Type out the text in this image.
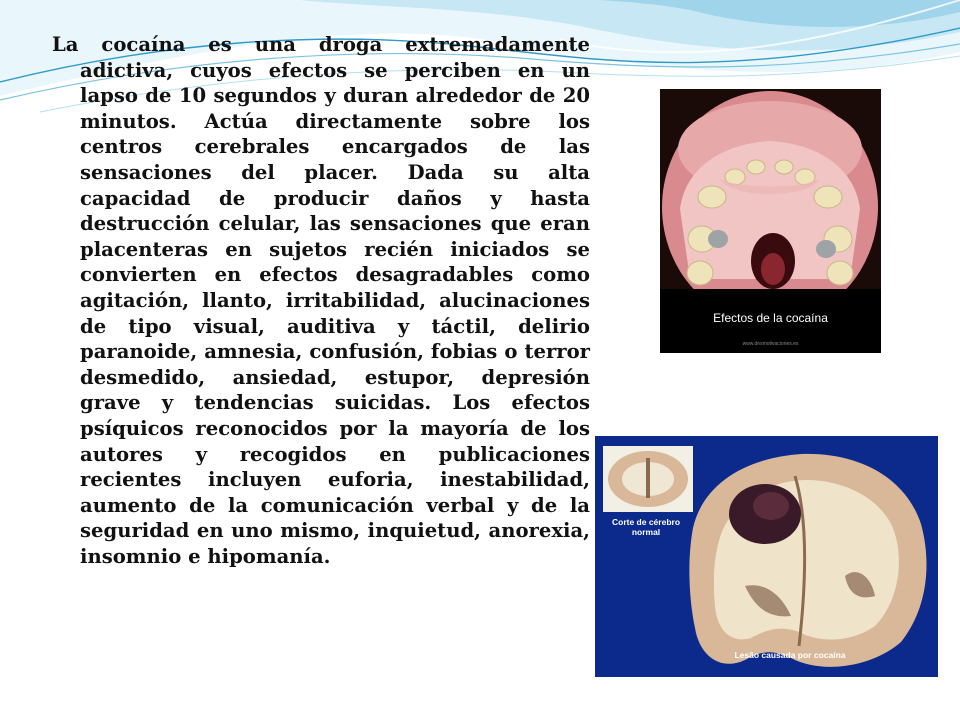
La cocaína es una droga extremadamente adictiva, cuyos efectos se perciben en un lapso de 10 segundos y duran alrededor de 20 minutos. Actúa directamente sobre los centros cerebrales encargados de las sensaciones del placer. Dada su alta capacidad de producir daños y hasta destrucción celular, las sensaciones que eran placenteras en sujetos recién iniciados se convierten en efectos desagradables como agitación, llanto, irritabilidad, alucinaciones de tipo visual, auditiva y táctil, delirio paranoide, amnesia, confusión, fobias o terror desmedido, ansiedad, estupor, depresión grave y tendencias suicidas. Los efectos psíquicos reconocidos por la mayoría de los autores y recogidos en publicaciones recientes incluyen euforia, inestabilidad, aumento de la comunicación verbal y de la seguridad en uno mismo, inquietud, anorexia, insomnio e hipomanía.

Efectos de la cocaína
www.desmotivaciones.es
Corte de cérebro normal
Lesão causada por cocaína
